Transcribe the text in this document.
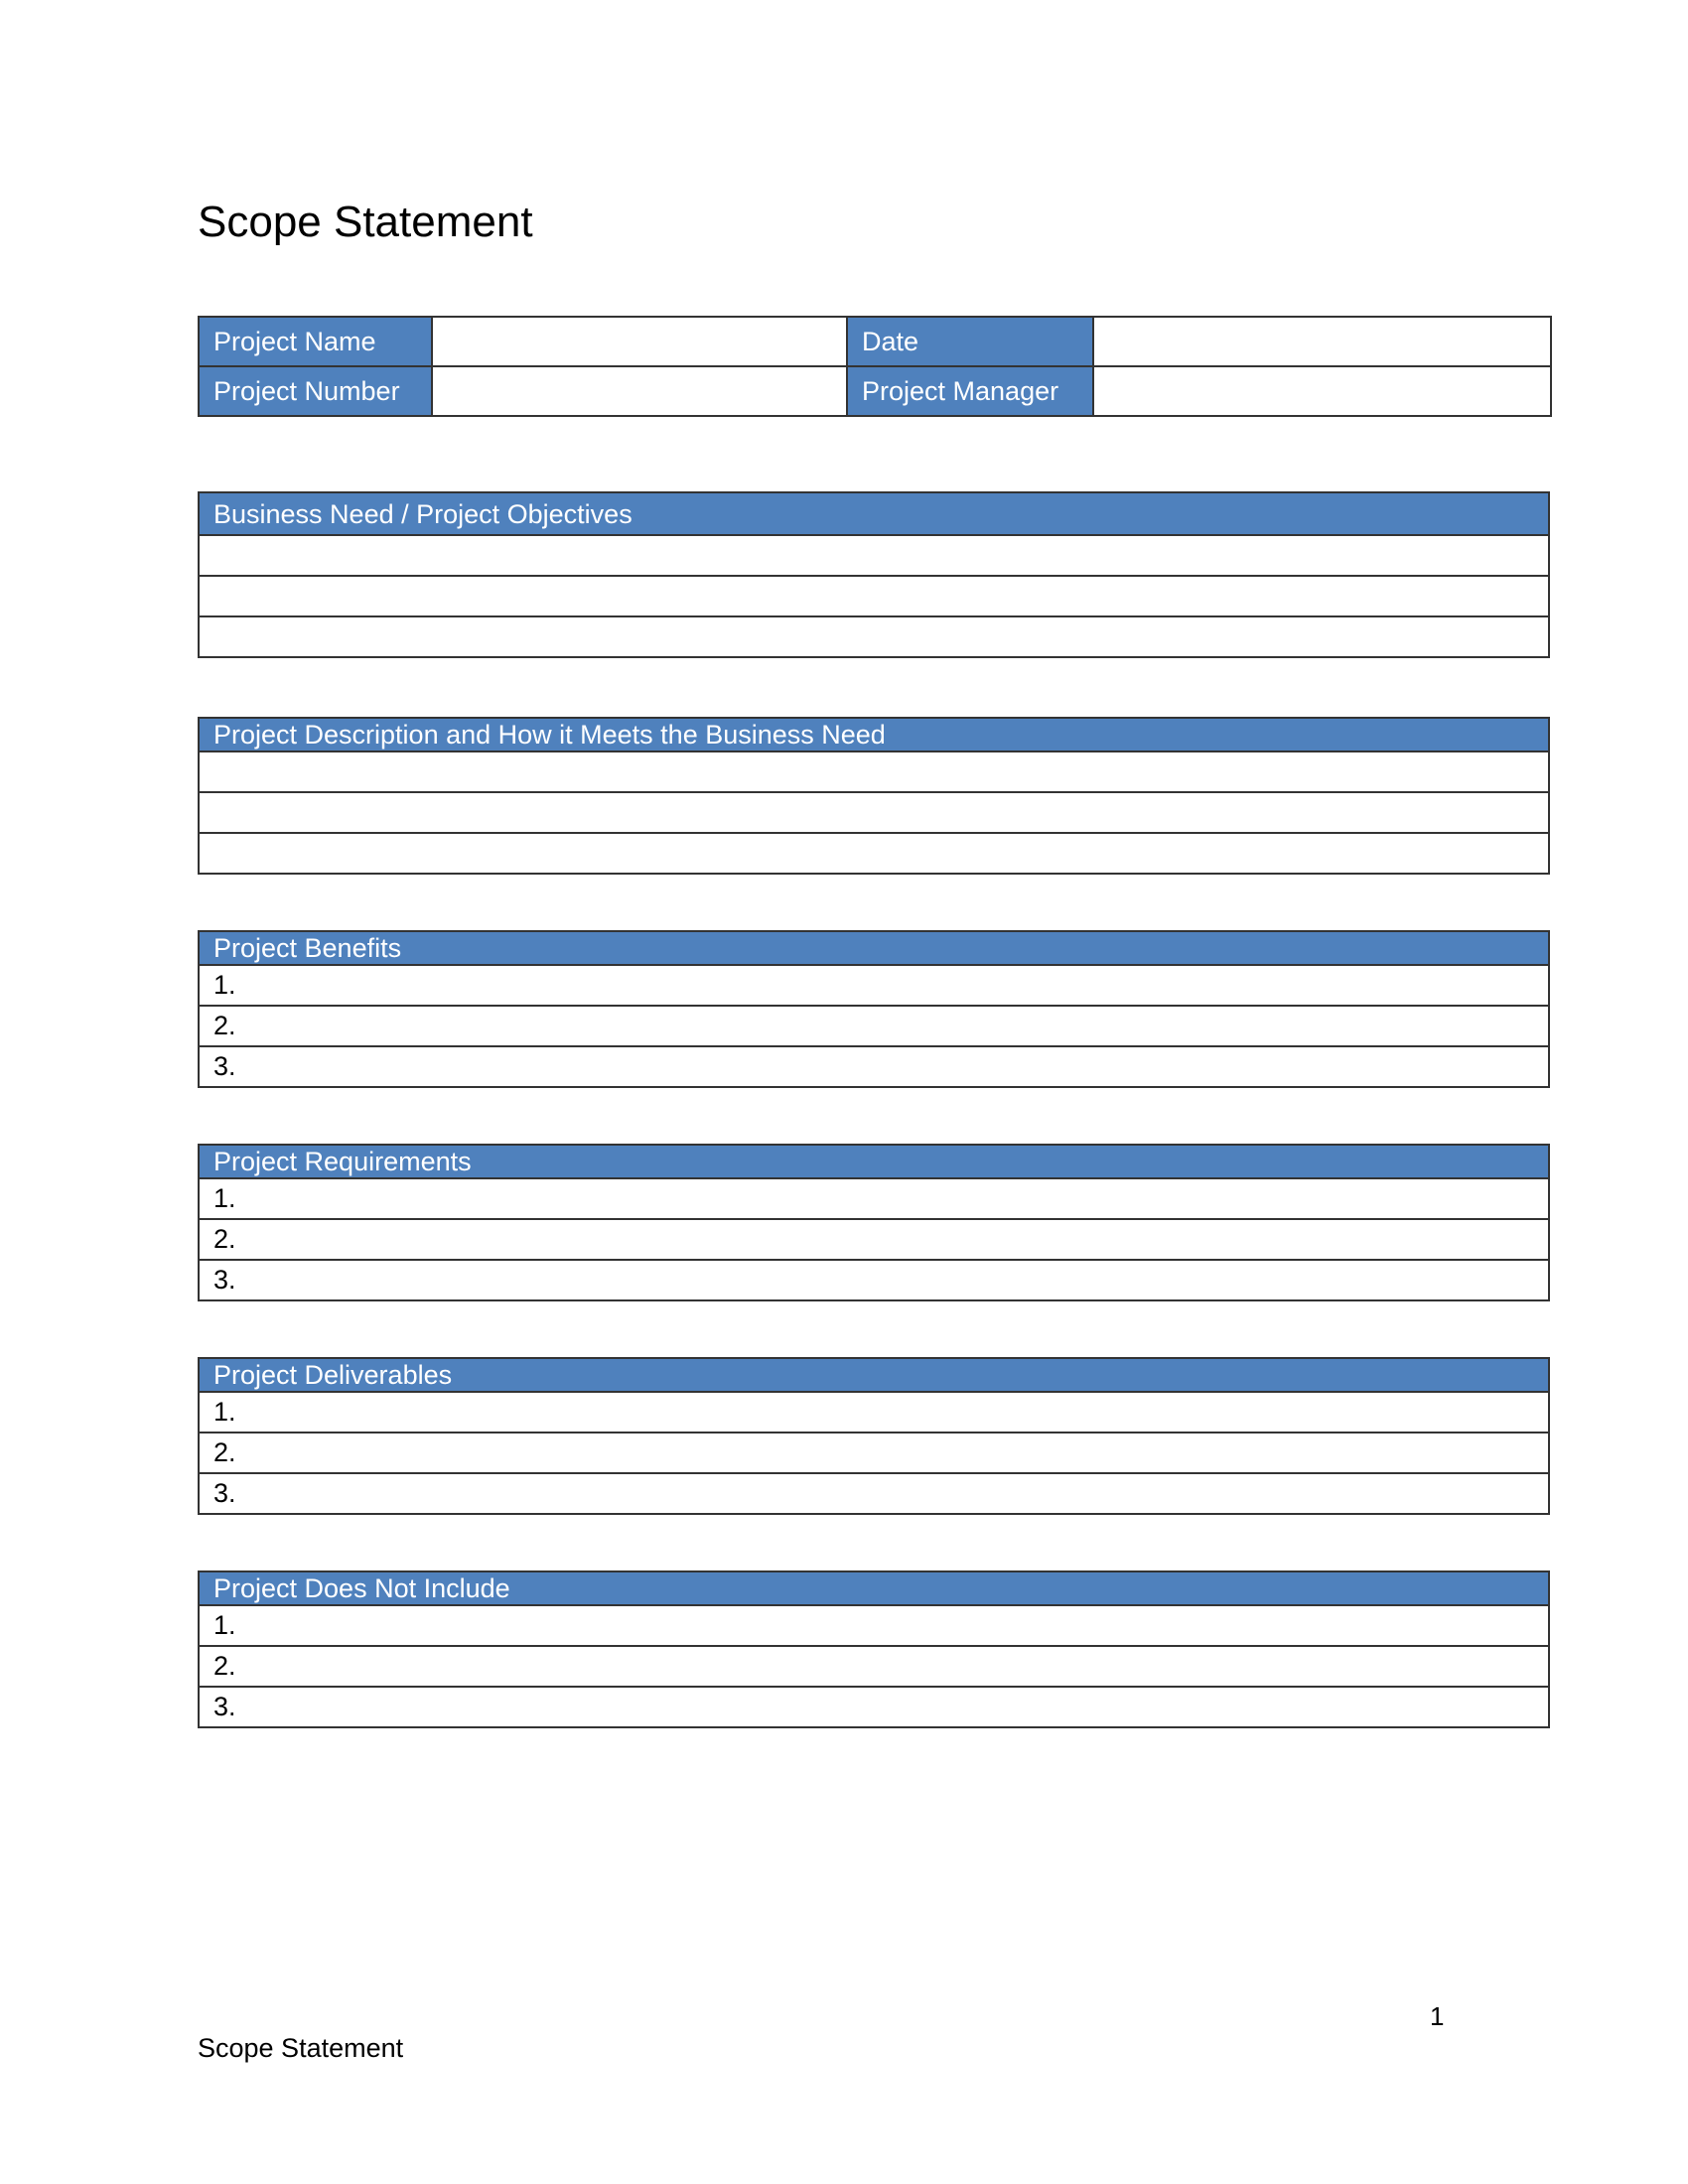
Scope Statement
Project Name		Date	
Project Number		Project Manager	
Business Need / Project Objectives

Project Description and How it Meets the Business Need

Project Benefits
1.
2.
3.
Project Requirements
1.
2.
3.
Project Deliverables
1.
2.
3.
Project Does Not Include
1.
2.
3.
1
Scope Statement
